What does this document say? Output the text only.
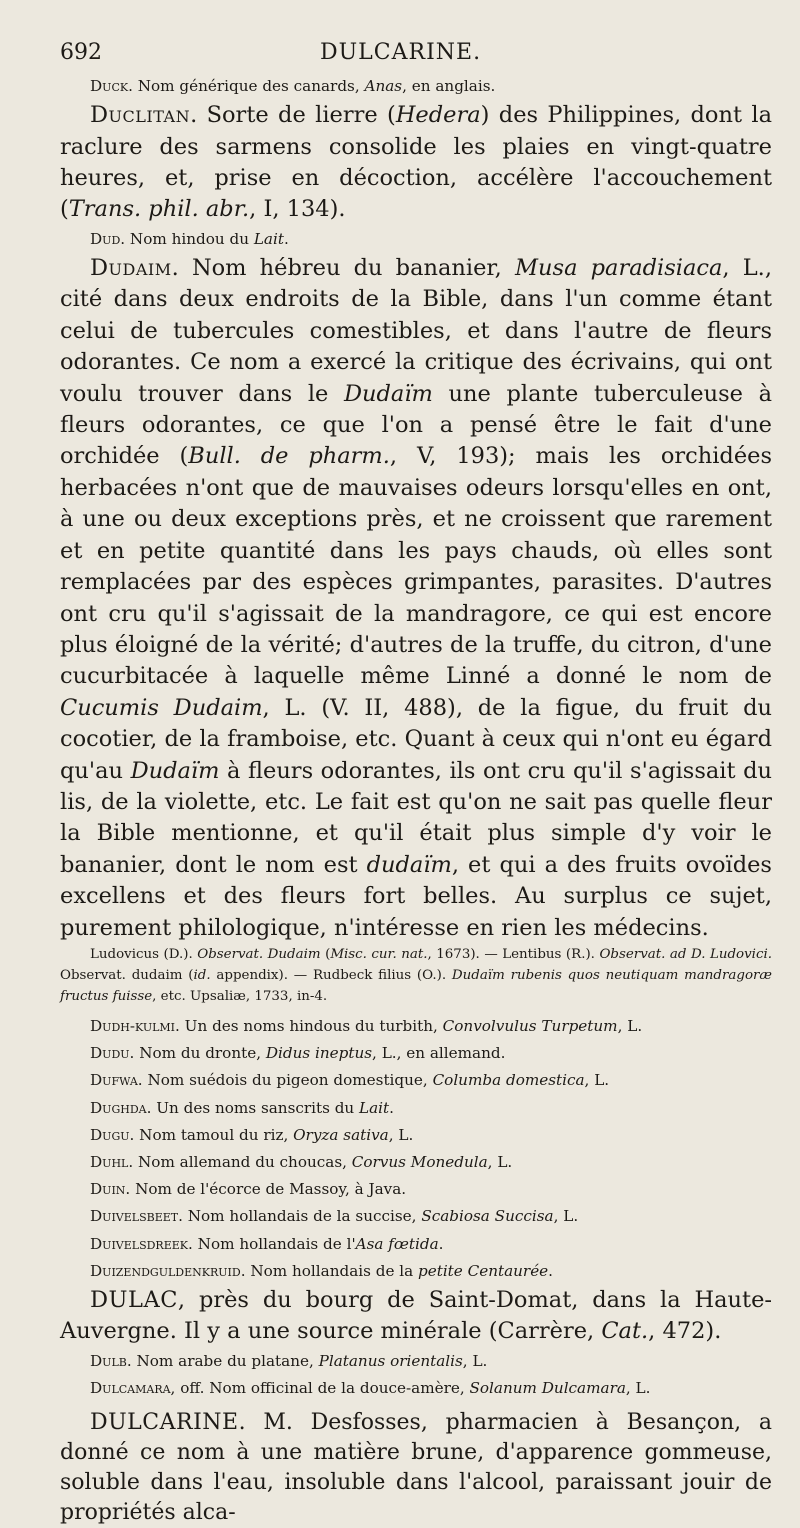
692	DULCARINE.

Duck. Nom générique des canards, Anas, en anglais.

Duclitan. Sorte de lierre (Hedera) des Philippines, dont la raclure des sarmens consolide les plaies en vingt-quatre heures, et, prise en décoction, accélère l'accouchement (Trans. phil. abr., I, 134).

Dud. Nom hindou du Lait.

Dudaim. Nom hébreu du bananier, Musa paradisiaca, L., cité dans deux endroits de la Bible, dans l'un comme étant celui de tubercules comestibles, et dans l'autre de fleurs odorantes. Ce nom a exercé la critique des écrivains, qui ont voulu trouver dans le Dudaïm une plante tuberculeuse à fleurs odorantes, ce que l'on a pensé être le fait d'une orchidée (Bull. de pharm., V, 193); mais les orchidées herbacées n'ont que de mauvaises odeurs lorsqu'elles en ont, à une ou deux exceptions près, et ne croissent que rarement et en petite quantité dans les pays chauds, où elles sont remplacées par des espèces grimpantes, parasites. D'autres ont cru qu'il s'agissait de la mandragore, ce qui est encore plus éloigné de la vérité; d'autres de la truffe, du citron, d'une cucurbitacée à laquelle même Linné a donné le nom de Cucumis Dudaim, L. (V. II, 488), de la figue, du fruit du cocotier, de la framboise, etc. Quant à ceux qui n'ont eu égard qu'au Dudaïm à fleurs odorantes, ils ont cru qu'il s'agissait du lis, de la violette, etc. Le fait est qu'on ne sait pas quelle fleur la Bible mentionne, et qu'il était plus simple d'y voir le bananier, dont le nom est dudaïm, et qui a des fruits ovoïdes excellens et des fleurs fort belles. Au surplus ce sujet, purement philologique, n'intéresse en rien les médecins.

Ludovicus (D.). Observat. Dudaim (Misc. cur. nat., 1673). — Lentibus (R.). Observat. ad D. Ludovici. Observat. dudaim (id. appendix). — Rudbeck filius (O.). Dudaïm rubenis quos neutiquam mandragoræ fructus fuisse, etc. Upsaliæ, 1733, in-4.

Dudh-kulmi. Un des noms hindous du turbith, Convolvulus Turpetum, L.

Dudu. Nom du dronte, Didus ineptus, L., en allemand.

Dufwa. Nom suédois du pigeon domestique, Columba domestica, L.

Dughda. Un des noms sanscrits du Lait.

Dugu. Nom tamoul du riz, Oryza sativa, L.

Duhl. Nom allemand du choucas, Corvus Monedula, L.

Duin. Nom de l'écorce de Massoy, à Java.

Duivelsbeet. Nom hollandais de la succise, Scabiosa Succisa, L.

Duivelsdreek. Nom hollandais de l'Asa fœtida.

Duizendguldenkruid. Nom hollandais de la petite Centaurée.

DULAC, près du bourg de Saint-Domat, dans la Haute-Auvergne. Il y a une source minérale (Carrère, Cat., 472).

Dulb. Nom arabe du platane, Platanus orientalis, L.

Dulcamara, off. Nom officinal de la douce-amère, Solanum Dulcamara, L.

DULCARINE. M. Desfosses, pharmacien à Besançon, a donné ce nom à une matière brune, d'apparence gommeuse, soluble dans l'eau, insoluble dans l'alcool, paraissant jouir de propriétés alca-
